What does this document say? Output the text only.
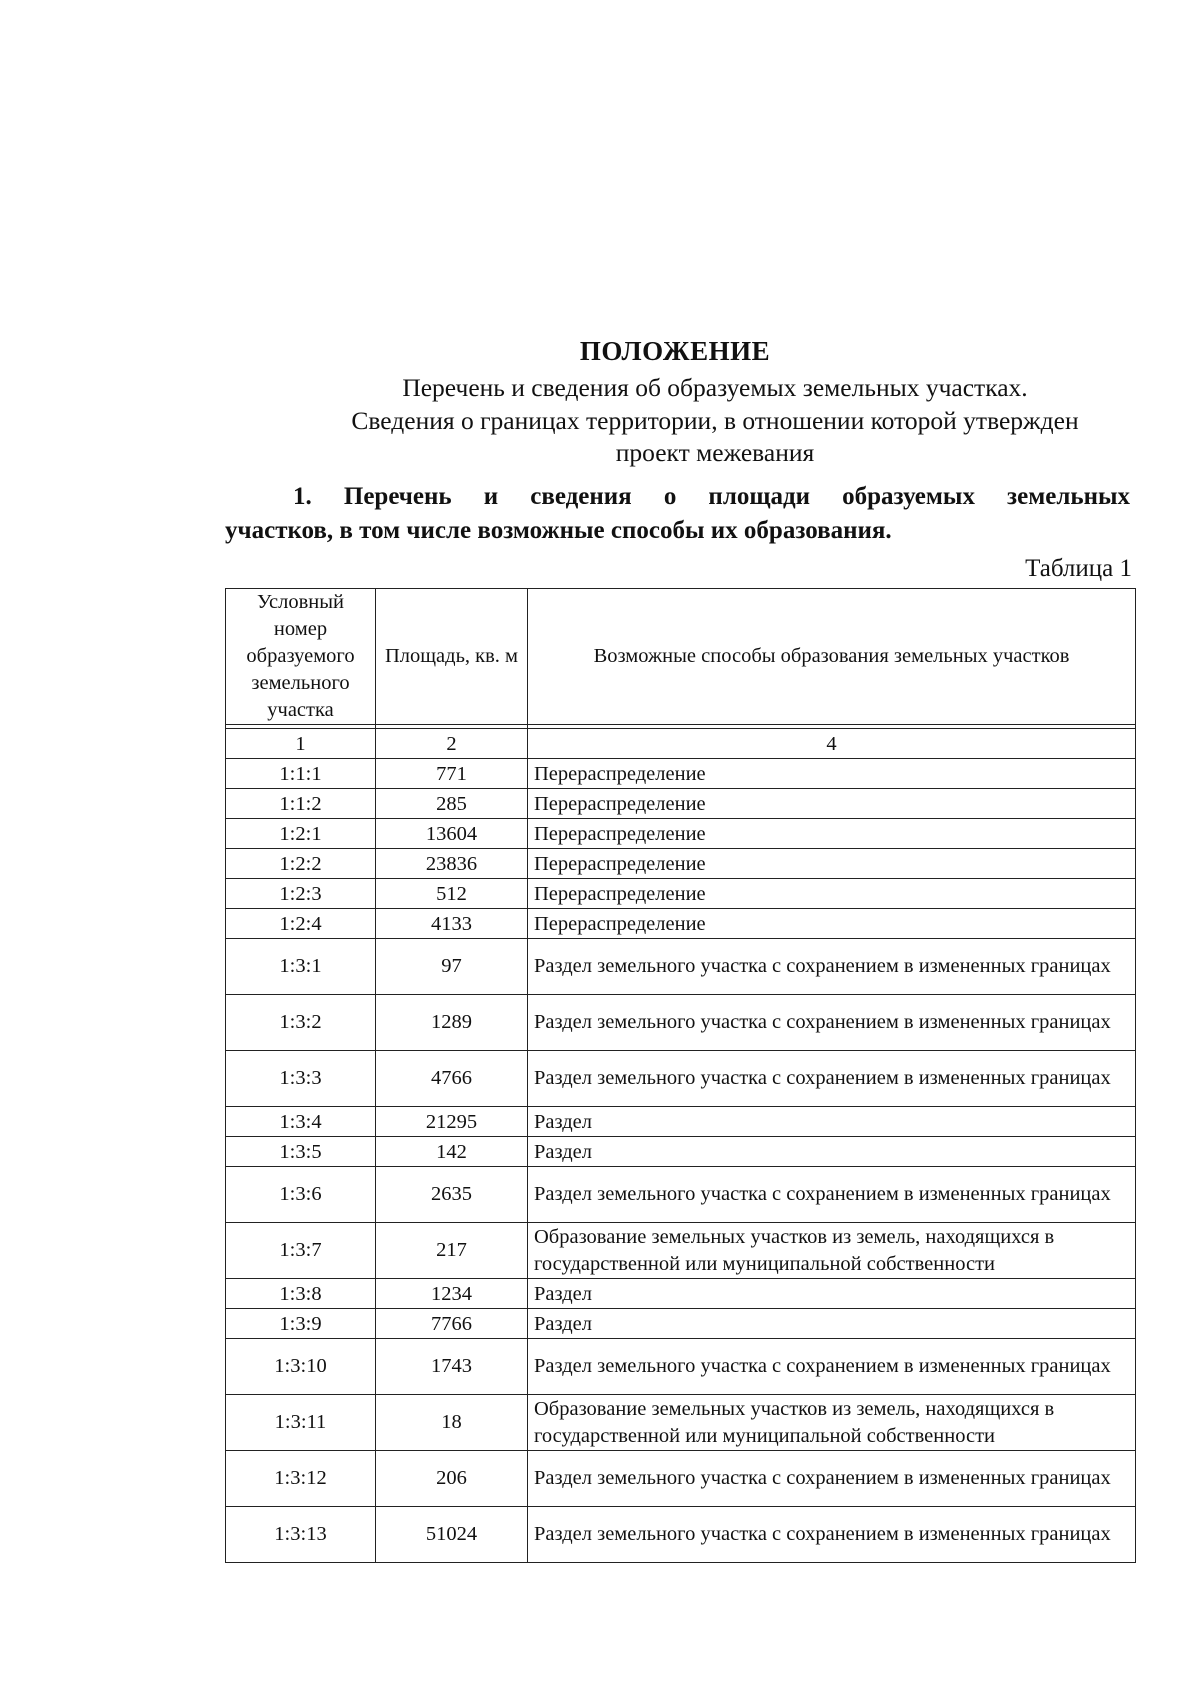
ПОЛОЖЕНИЕ
Перечень и сведения об образуемых земельных участках.
Сведения о границах территории, в отношении которой утвержден
проект межевания
1. Перечень и сведения о площади образуемых земельных
участков, в том числе возможные способы их образования.
Таблица 1
Условный номер образуемого земельного участка	Площадь, кв. м	Возможные способы образования земельных участков

1	2	4
1:1:1	771	Перераспределение
1:1:2	285	Перераспределение
1:2:1	13604	Перераспределение
1:2:2	23836	Перераспределение
1:2:3	512	Перераспределение
1:2:4	4133	Перераспределение
1:3:1	97	Раздел земельного участка с сохранением в измененных границах
1:3:2	1289	Раздел земельного участка с сохранением в измененных границах
1:3:3	4766	Раздел земельного участка с сохранением в измененных границах
1:3:4	21295	Раздел
1:3:5	142	Раздел
1:3:6	2635	Раздел земельного участка с сохранением в измененных границах
1:3:7	217	Образование земельных участков из земель, находящихся в государственной или муниципальной собственности
1:3:8	1234	Раздел
1:3:9	7766	Раздел
1:3:10	1743	Раздел земельного участка с сохранением в измененных границах
1:3:11	18	Образование земельных участков из земель, находящихся в государственной или муниципальной собственности
1:3:12	206	Раздел земельного участка с сохранением в измененных границах
1:3:13	51024	Раздел земельного участка с сохранением в измененных границах
